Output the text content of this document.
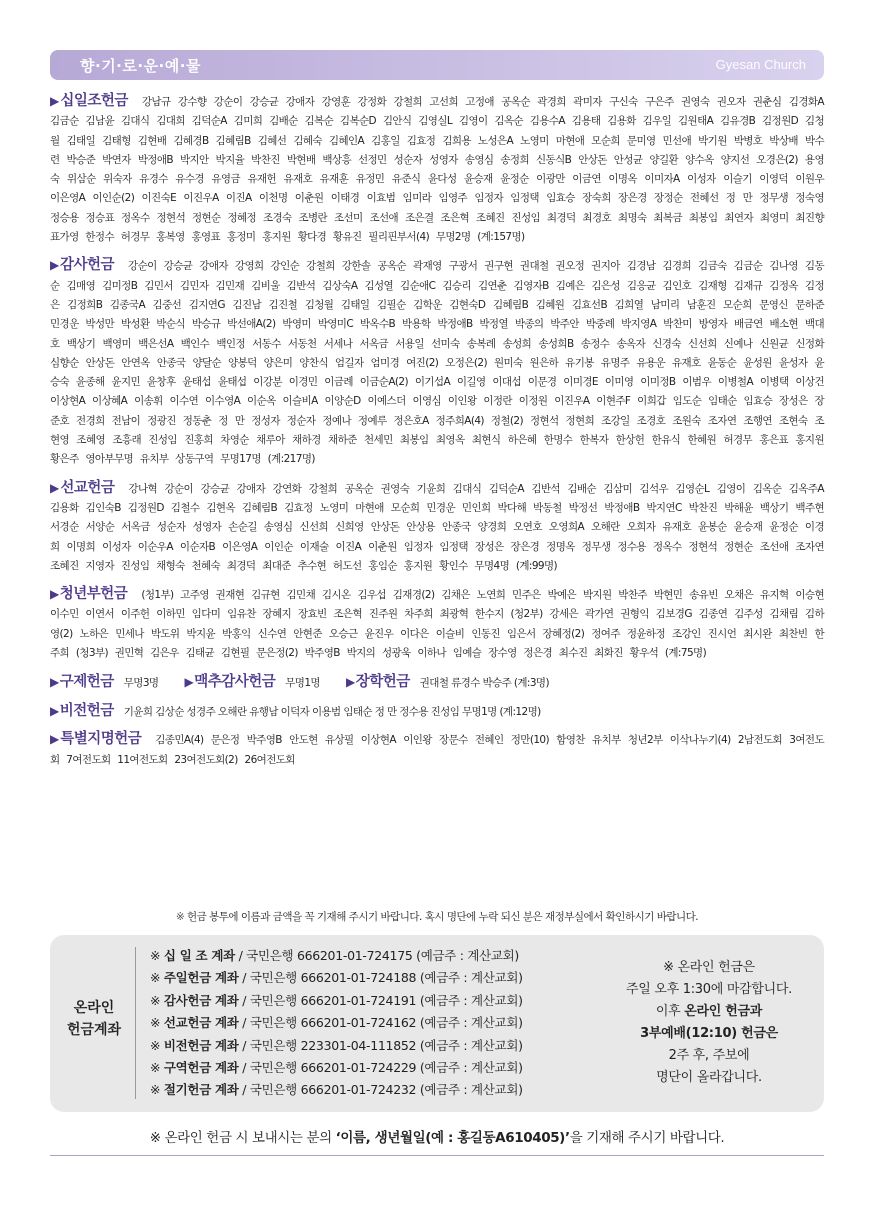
향·기·로·운·예·물	Gyesan Church

▶십일조헌금 강남규 강수향 강순이 강승균 강애자 강영훈 강정화 강철희 고선희 고정애 공옥순 곽경희 곽미자 구신숙 구은주 권영숙 권오자 권춘심 김경화A 김금순 김남윤 김대식 김대희 김덕순A 김미희 김배순 김복순 김복순D 김안식 김영실L 김영이 김옥순 김용수A 김용태 김용화 김우일 김원태A 김유경B 김정원D 김청월 김태일 김태형 김현배 김혜경B 김혜림B 김혜선 김혜숙 김혜인A 김홍일 김효정 김희용 노성은A 노영미 마현애 모순희 문미영 민선애 박기원 박병호 박상배 박수련 박승준 박연자 박정애B 박지안 박지율 박찬진 박현배 백상흥 선정민 성순자 성영자 송영심 송정희 신동식B 안상돈 안성균 양길환 양수옥 양지선 오경은(2) 용영숙 위삼순 위숙자 유경수 유수경 유영금 유재헌 유재호 유재훈 유정민 유준식 윤다성 윤승재 윤정순 이광만 이금연 이명옥 이미자A 이성자 이슬기 이영덕 이원우 이은영A 이인순(2) 이진숙E 이진우A 이진A 이천명 이춘원 이태경 이효범 임미라 임영주 임정자 임정택 임효승 장숙희 장은경 장정순 전혜선 정 만 정무생 정숙영 정승용 정승표 정옥수 정현석 정현순 정혜정 조경숙 조병란 조선미 조선애 조은결 조은혁 조혜진 진성임 최경덕 최경호 최명숙 최복금 최봉임 최연자 최영미 최진향 표가영 한정수 허경무 홍복영 홍영표 홍정미 홍지원 황다경 황유진 필리핀부서(4) 무명2명 (계:157명)

▶감사헌금 강순이 강승균 강애자 강영희 강인순 강철희 강한솔 공옥순 곽재영 구광서 권구현 권대철 권오정 권지아 김경남 김경희 김금숙 김금순 김나영 김동순 김매영 김미정B 김민서 김민자 김민재 김비울 김반석 김상숙A 김성열 김순애C 김승리 김연춘 김영자B 김예은 김은성 김응균 김인호 김재형 김재규 김정옥 김정은 김정희B 김종국A 김중선 김지연G 김진남 김진철 김청월 김태일 김필순 김학운 김현숙D 김혜림B 김혜원 김효선B 김희열 남미리 남훈진 모순희 문영신 문하준 민경운 박성만 박성환 박순식 박승규 박선애A(2) 박영미 박영미C 박옥수B 박용학 박정애B 박정열 박종의 박주안 박중례 박지영A 박찬미 방영자 배금연 배소현 백대호 백상기 백영미 백은선A 백인수 백인정 서동수 서동천 서세나 서옥금 서용일 선미숙 송복례 송성희 송성희B 송정수 송옥자 신경숙 신선희 신예나 신원균 신정화 심향순 안상돈 안연옥 안종국 양달순 양봉덕 양은미 양찬식 엄길자 엄미경 여진(2) 오정은(2) 원미숙 원은하 유기봉 유명주 유용운 유재호 윤동순 윤성원 윤성자 윤승숙 윤종해 윤지민 윤창후 윤태섭 윤태섭 이강분 이경민 이금례 이금순A(2) 이기섭A 이길영 이대섭 이문경 이미경E 이미영 이미정B 이범우 이병철A 이병택 이상건 이상현A 이상혜A 이송휘 이수연 이수영A 이순옥 이슬비A 이양순D 이예스더 이영심 이인왕 이정란 이정원 이진우A 이현주F 이희갑 임도순 임태순 임효승 장성은 장준호 전경희 전남이 정광진 정동춘 정 만 정성자 정순자 정예나 정예루 정은호A 정주희A(4) 정철(2) 정현석 정현희 조강일 조경호 조원숙 조자연 조행연 조현숙 조현영 조혜영 조흥래 진성임 진홍희 차영순 채루아 채하경 채하준 천세민 최봉임 최영옥 최현식 하은혜 한명수 한복자 한상헌 한유식 한혜원 허경무 홍은표 홍지원 황은주 영아부무명 유치부 상동구역 무명17명 (계:217명)

▶선교헌금 강나혁 강순이 강승균 강애자 강연화 강철희 공옥순 권영숙 기윤희 김대식 김덕순A 김반석 김배순 김삼미 김석우 김영순L 김영이 김옥순 김옥주A 김용화 김인숙B 김정원D 김철수 김현옥 김혜림B 김효정 노영미 마현애 모순희 민경운 민인희 박다해 박동철 박정선 박정애B 박지연C 박찬진 박해윤 백상기 백주현 서경순 서양순 서옥금 성순자 성영자 손순길 송영심 신선희 신희영 안상돈 안상용 안종국 양경희 오연호 오영희A 오해란 오희자 유재호 윤봉순 윤승재 윤정순 이경희 이명희 이성자 이순우A 이순자B 이은영A 이인순 이재술 이진A 이춘원 임정자 임정택 장성은 장은경 정명옥 정무생 정수용 정옥수 정현석 정현순 조선애 조자연 조혜진 지영자 진성임 채형숙 천혜숙 최경덕 최대준 추수현 허도선 홍임순 홍지원 황인수 무명4명 (계:99명)

▶청년부헌금 (청1부) 고주영 권재현 김규현 김민채 김시온 김우섭 김재경(2) 김채은 노연희 민주은 박예은 박지원 박찬주 박현민 송유빈 오채은 유지혁 이승현 이수민 이연서 이주헌 이하민 임다미 임유찬 장혜지 장효빈 조은혁 진주원 차주희 최광혁 한수지 (청2부) 강세은 곽가연 권형익 김보경G 김종연 김주성 김채림 김하영(2) 노하은 민세나 박도위 박지윤 박홍익 신수연 안현준 오승근 윤진우 이다은 이슬비 인동진 임은서 장혜정(2) 정여주 정윤하정 조강인 진시언 최시완 최찬빈 한주희 (청3부) 권민혁 김은우 김태균 김현필 문은정(2) 박주영B 박지의 성광욱 이하나 임예슬 장수영 정은경 최수진 최화진 황우석 (계:75명)

▶구제헌금 무명3명 ▶맥추감사헌금 무명1명 ▶장학헌금 권대철 류경수 박승주 (계:3명)
▶비전헌금 기윤희 김상순 성경주 오해란 유행남 이덕자 이용범 임태순 정 만 정수용 진성임 무명1명 (계:12명)

▶특별지명헌금 김종민A(4) 문은정 박주영B 안도현 유상필 이상현A 이인왕 장문수 전혜인 정만(10) 함영찬 유치부 청년2부 이삭나누기(4) 2남전도회 3여전도회 7여전도회 11여전도회 23여전도회(2) 26여전도회

※ 헌금 봉투에 이름과 금액을 꼭 기재해 주시기 바랍니다. 혹시 명단에 누락 되신 분은 재정부실에서 확인하시기 바랍니다.
온라인
헌금계좌
※ 십 일 조 계좌 / 국민은행 666201-01-724175 (예금주 : 계산교회)
※ 주일헌금 계좌 / 국민은행 666201-01-724188 (예금주 : 계산교회)
※ 감사헌금 계좌 / 국민은행 666201-01-724191 (예금주 : 계산교회)
※ 선교헌금 계좌 / 국민은행 666201-01-724162 (예금주 : 계산교회)
※ 비전헌금 계좌 / 국민은행 223301-04-111852 (예금주 : 계산교회)
※ 구역헌금 계좌 / 국민은행 666201-01-724229 (예금주 : 계산교회)
※ 절기헌금 계좌 / 국민은행 666201-01-724232 (예금주 : 계산교회)
※ 온라인 헌금은
주일 오후 1:30에 마감합니다.
이후 온라인 헌금과
3부예배(12:10) 헌금은
2주 후, 주보에
명단이 올라갑니다.
※ 온라인 헌금 시 보내시는 분의 ‘이름, 생년월일(예 : 홍길동A610405)’을 기재해 주시기 바랍니다.
